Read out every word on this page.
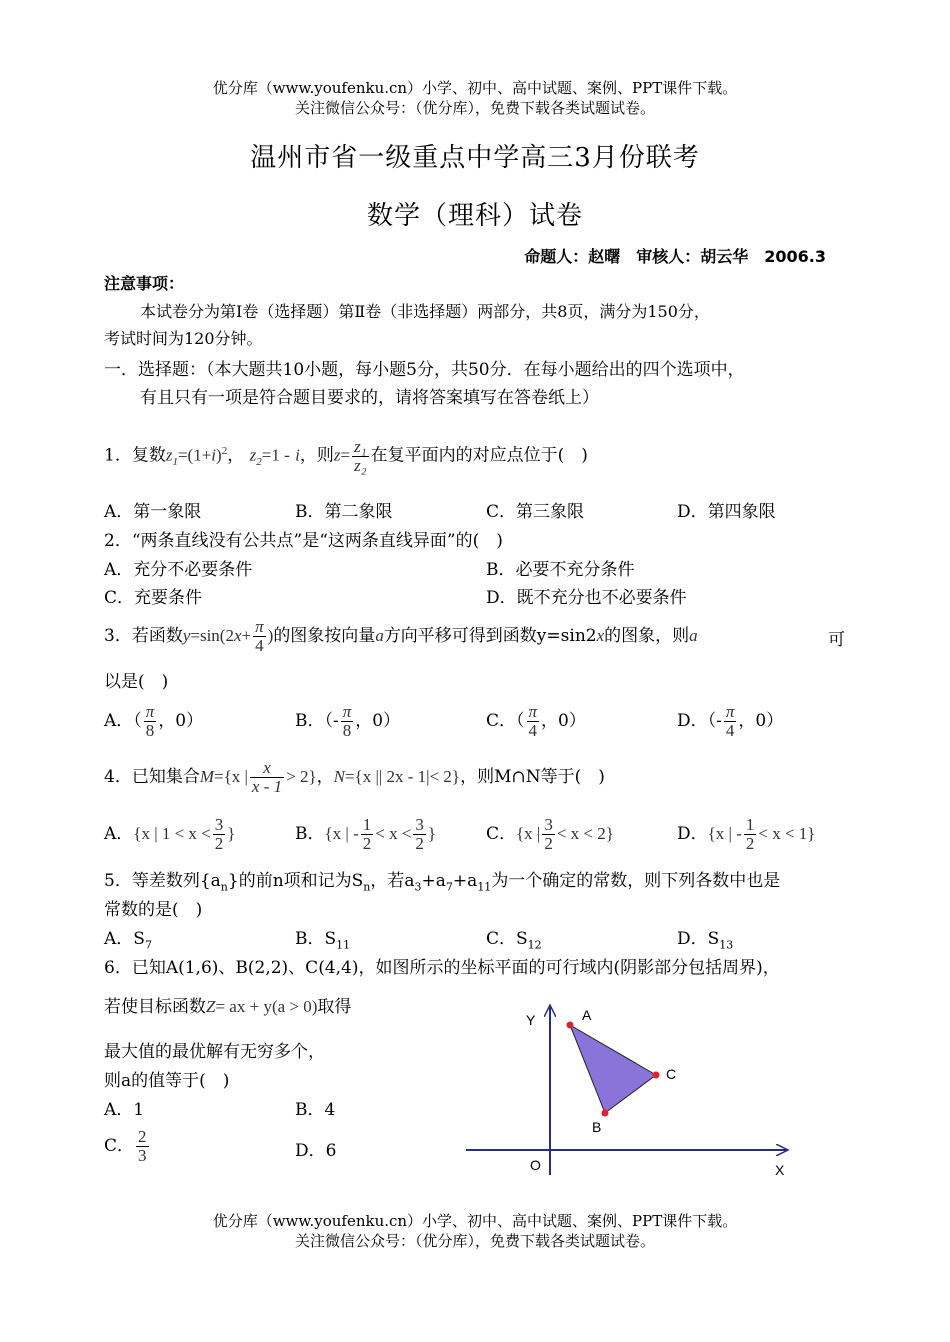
优分库（www.youfenku.cn）小学、初中、高中试题、案例、PPT课件下载。
关注微信公众号：（优分库），免费下载各类试题试卷。
温州市省一级重点中学高三3月份联考
数学（理科）试卷
命题人：赵曙　审核人：胡云华　2006.3
注意事项：
本试卷分为第Ⅰ卷（选择题）第Ⅱ卷（非选择题）两部分，共8页，满分为150分，
考试时间为120分钟。
一．选择题：（本大题共10小题，每小题5分，共50分．在每小题给出的四个选项中，
有且只有一项是符合题目要求的，请将答案填写在答卷纸上）
1．复数$z_1=(1+i)^2$， $z_2=1 - i$，则$z= \frac{\text{z₁}}{\text{z₂}}$ 在复平面内的对应点位于(　)
A．第一象限	B．第二象限	C．第三象限	D．第四象限
2．“两条直线没有公共点”是“这两条直线异面”的(　)
A．充分不必要条件	B．必要不充分条件
C．充要条件	D．既不充分也不必要条件
3．若函数$y=\sin(2x+ \frac{\pi}{4}$ )的图象按向量a方向平移可得到函数y=sin2x的图象，则a	可
以是(　)
A．（ $\frac{\pi}{8}$ ，0）	B．（- $\frac{\pi}{8}$ ，0）	C．（ $\frac{\pi}{4}$ ，0）	D．（- $\frac{\pi}{4}$ ，0）
4．已知集合M={x | $\frac{x}{x - 1} > 2$}，N={x || 2x - 1|< 2}，则M∩N等于(　)
A．{x | $1 < x < \frac{3}{2}$ }	B．{x | - $\frac{1}{2} < x < \frac{3}{2}$ }	C．{x | $\frac{3}{2} < x < 2$}	D．{x | - $\frac{1}{2} < x < 1$}
5．等差数列$\{a_n\}$的前n项和记为$S_n$，若$a_3+a_7+a_{11}$为一个确定的常数，则下列各数中也是
常数的是(　)
A．$S_7$	B．$S_{11}$	C．$S_{12}$	D．$S_{13}$
6．已知A(1,6)、B(2,2)、C(4,4)，如图所示的坐标平面的可行域内(阴影部分包括周界)，
若使目标函数Z= ax + y(a > 0)取得
最大值的最优解有无穷多个，
则a的值等于(　)
A．1	B．4
C． $\frac{2}{3}$	D．6
Y
X
O
A
B
C
优分库（www.youfenku.cn）小学、初中、高中试题、案例、PPT课件下载。
关注微信公众号：（优分库），免费下载各类试题试卷。
